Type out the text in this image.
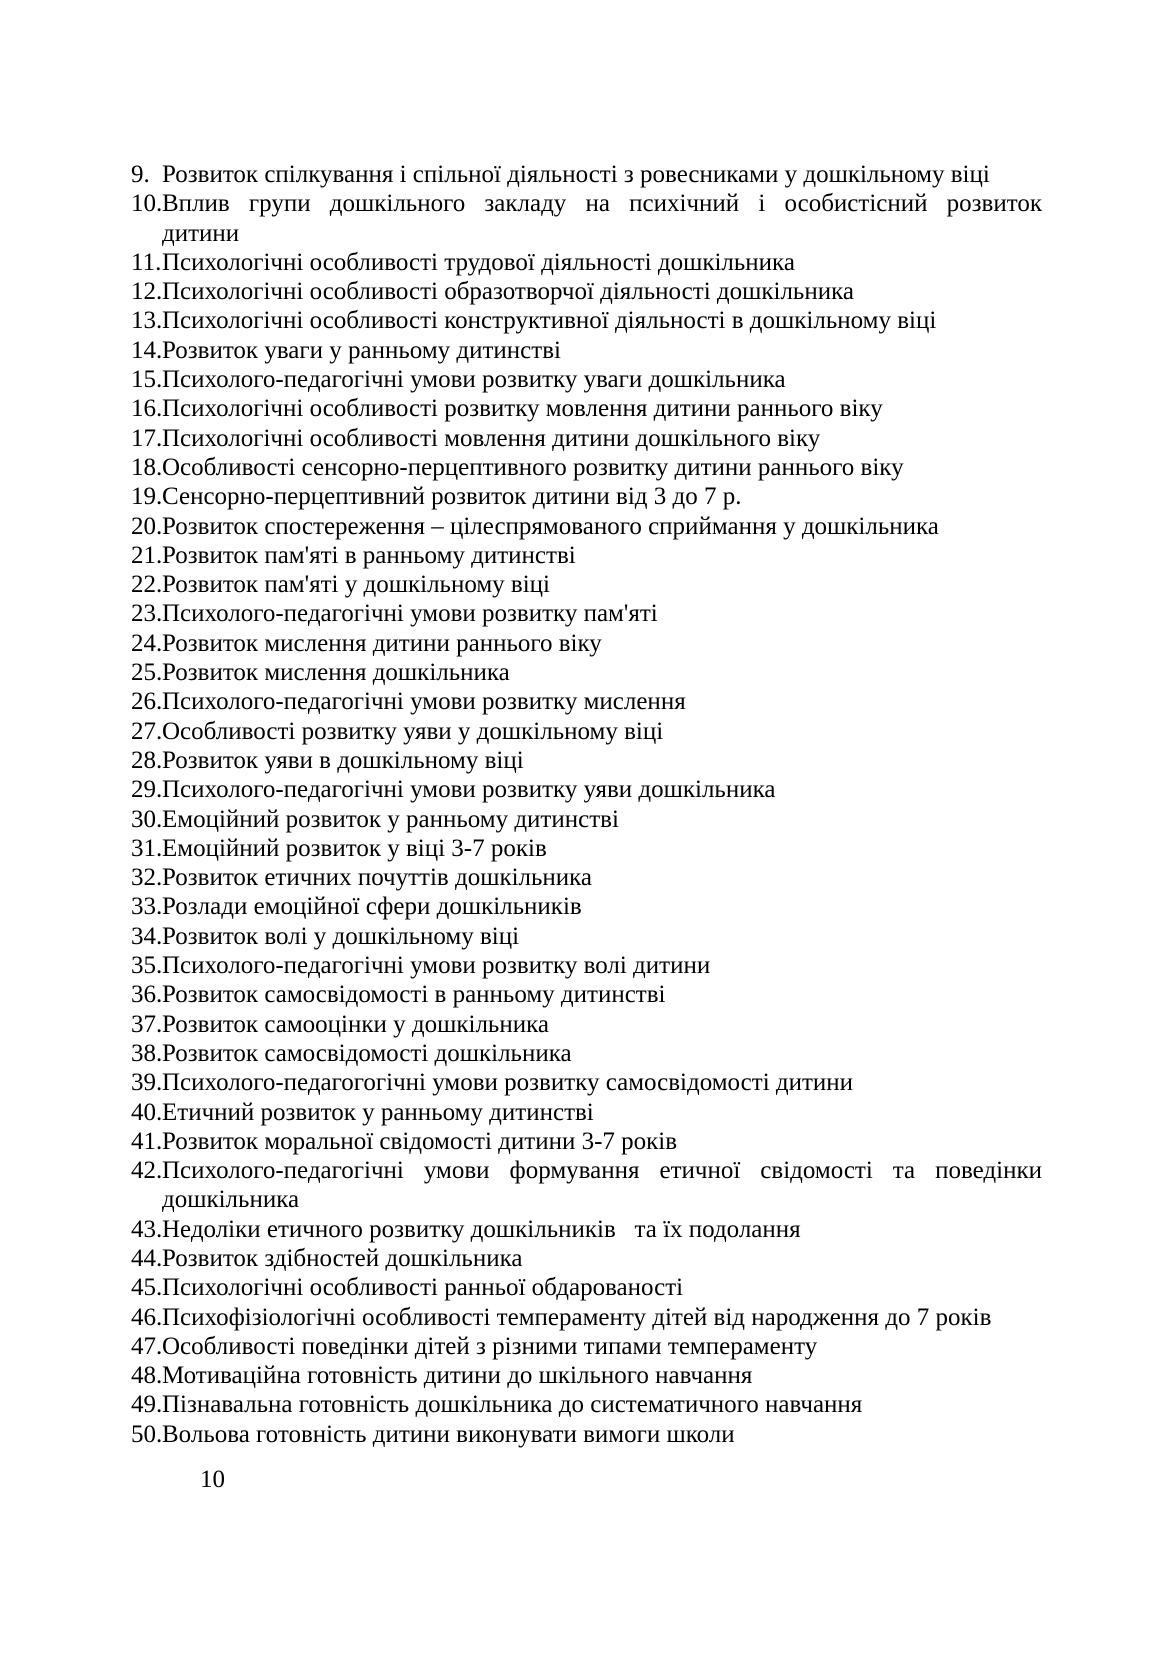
9. Розвиток спілкування і спільної діяльності з ровесниками у дошкільному віці
10. Вплив групи дошкільного закладу на психічний і особистісний розвиток
дитини
11. Психологічні особливості трудової діяльності дошкільника
12. Психологічні особливості образотворчої діяльності дошкільника
13. Психологічні особливості конструктивної діяльності в дошкільному віці
14. Розвиток уваги у ранньому дитинстві
15. Психолого-педагогічні умови розвитку уваги дошкільника
16. Психологічні особливості розвитку мовлення дитини раннього віку
17. Психологічні особливості мовлення дитини дошкільного віку
18. Особливості сенсорно-перцептивного розвитку дитини раннього віку
19. Сенсорно-перцептивний розвиток дитини від 3 до 7 р.
20. Розвиток спостереження – цілеспрямованого сприймання у дошкільника
21. Розвиток пам'яті в ранньому дитинстві
22. Розвиток пам'яті у дошкільному віці
23. Психолого-педагогічні умови розвитку пам'яті
24. Розвиток мислення дитини раннього віку
25. Розвиток мислення дошкільника
26. Психолого-педагогічні умови розвитку мислення
27. Особливості розвитку уяви у дошкільному віці
28. Розвиток уяви в дошкільному віці
29. Психолого-педагогічні умови розвитку уяви дошкільника
30. Емоційний розвиток у ранньому дитинстві
31. Емоційний розвиток у віці 3-7 років
32. Розвиток етичних почуттів дошкільника
33. Розлади емоційної сфери дошкільників
34. Розвиток волі у дошкільному віці
35. Психолого-педагогічні умови розвитку волі дитини
36. Розвиток самосвідомості в ранньому дитинстві
37. Розвиток самооцінки у дошкільника
38. Розвиток самосвідомості дошкільника
39. Психолого-педагогогічні умови розвитку самосвідомості дитини
40. Етичний розвиток у ранньому дитинстві
41. Розвиток моральної свідомості дитини 3-7 років
42. Психолого-педагогічні умови формування етичної свідомості та поведінки
дошкільника
43. Недоліки етичного розвитку дошкільників   та їх подолання
44. Розвиток здібностей дошкільника
45. Психологічні особливості ранньої обдарованості
46. Психофізіологічні особливості темпераменту дітей від народження до 7 років
47. Особливості поведінки дітей з різними типами темпераменту
48. Мотиваційна готовність дитини до шкільного навчання
49. Пізнавальна готовність дошкільника до систематичного навчання
50. Вольова готовність дитини виконувати вимоги школи
10
